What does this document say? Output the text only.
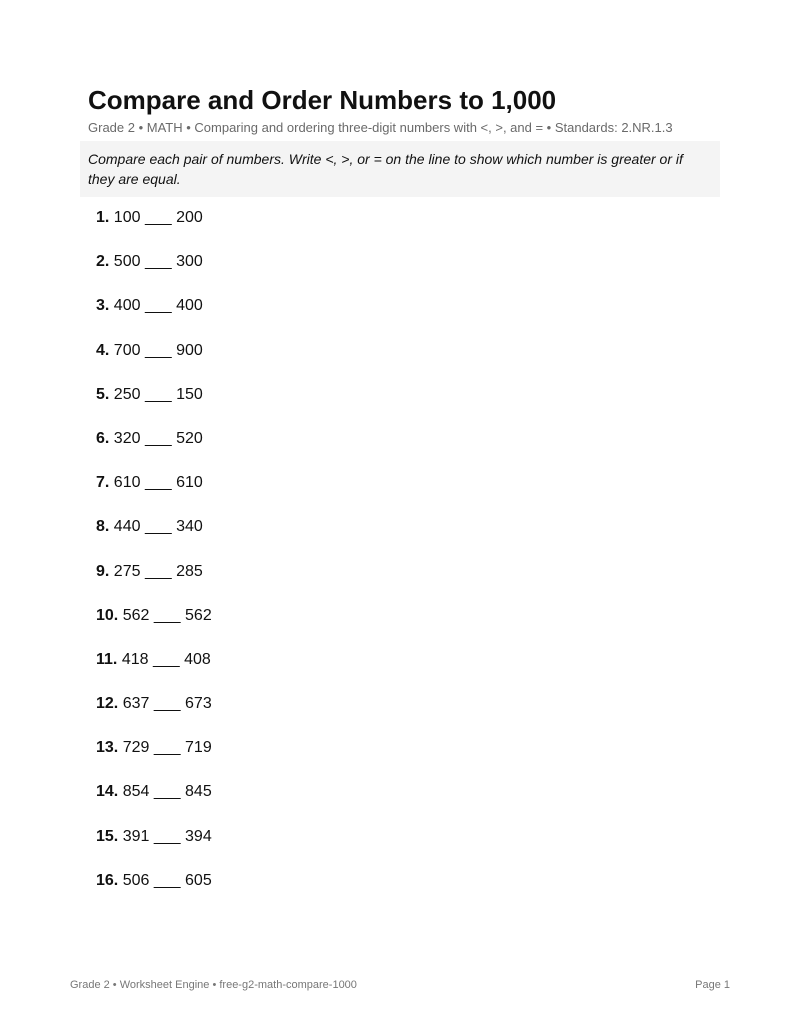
Compare and Order Numbers to 1,000
Grade 2 • MATH • Comparing and ordering three-digit numbers with <, >, and = • Standards: 2.NR.1.3
Compare each pair of numbers. Write <, >, or = on the line to show which number is greater or if they are equal.
1. 100 ___ 200
2. 500 ___ 300
3. 400 ___ 400
4. 700 ___ 900
5. 250 ___ 150
6. 320 ___ 520
7. 610 ___ 610
8. 440 ___ 340
9. 275 ___ 285
10. 562 ___ 562
11. 418 ___ 408
12. 637 ___ 673
13. 729 ___ 719
14. 854 ___ 845
15. 391 ___ 394
16. 506 ___ 605
Grade 2 • Worksheet Engine • free-g2-math-compare-1000	Page 1
